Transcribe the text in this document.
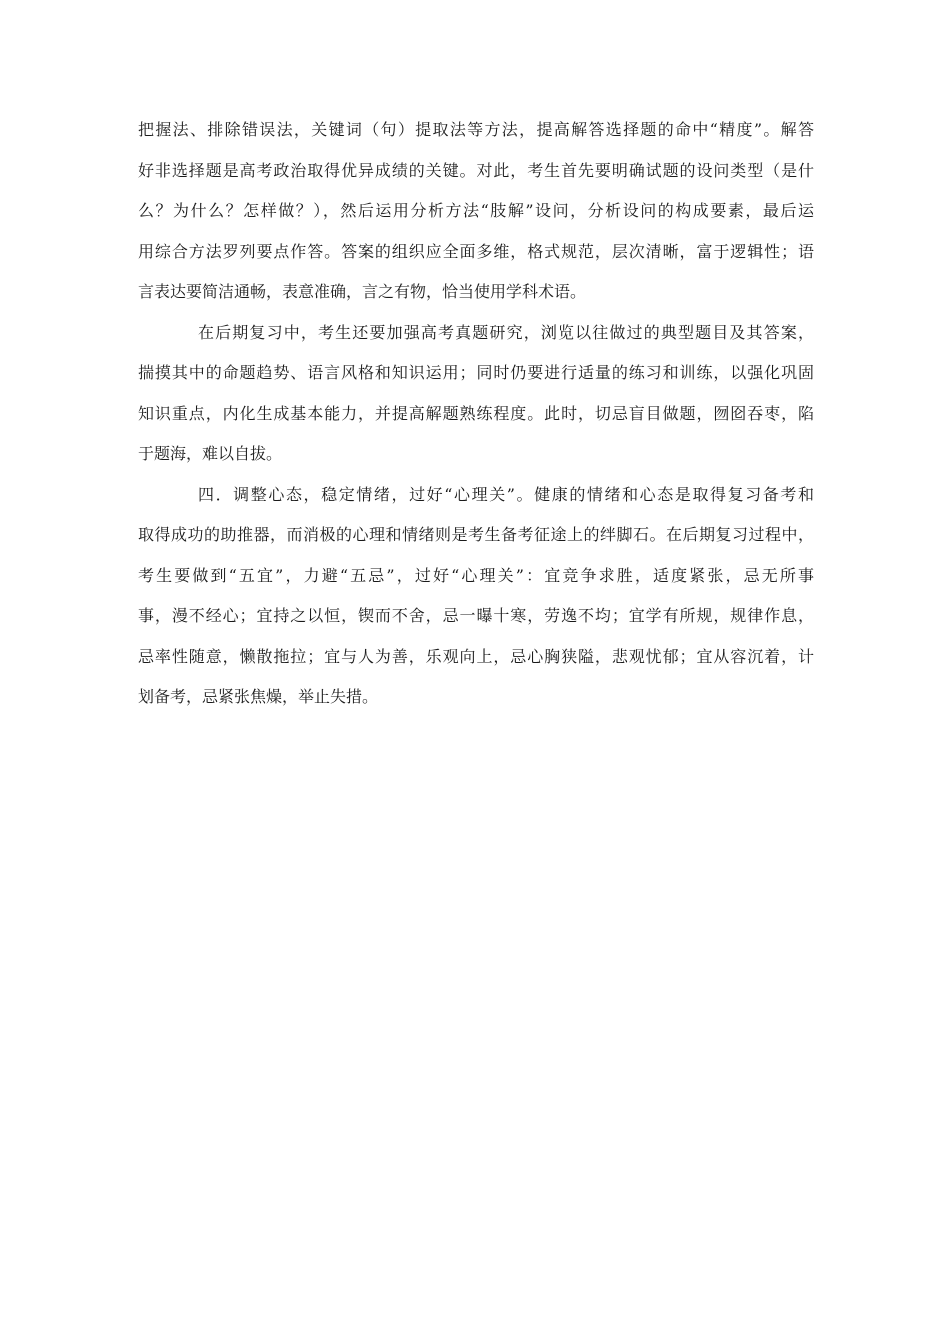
把握法、排除错误法，关键词（句）提取法等方法，提高解答选择题的命中“精度”。解答
好非选择题是高考政治取得优异成绩的关键。对此，考生首先要明确试题的设问类型（是什
么？为什么？怎样做？），然后运用分析方法“肢解”设问，分析设问的构成要素，最后运
用综合方法罗列要点作答。答案的组织应全面多维，格式规范，层次清晰，富于逻辑性；语
言表达要简洁通畅，表意准确，言之有物，恰当使用学科术语。
在后期复习中，考生还要加强高考真题研究，浏览以往做过的典型题目及其答案，
揣摸其中的命题趋势、语言风格和知识运用；同时仍要进行适量的练习和训练，以强化巩固
知识重点，内化生成基本能力，并提高解题熟练程度。此时，切忌盲目做题，囫囵吞枣，陷
于题海，难以自拔。
四．调整心态，稳定情绪，过好“心理关”。健康的情绪和心态是取得复习备考和
取得成功的助推器，而消极的心理和情绪则是考生备考征途上的绊脚石。在后期复习过程中，
考生要做到“五宜”，力避“五忌”，过好“心理关”：宜竞争求胜，适度紧张，忌无所事
事，漫不经心；宜持之以恒，锲而不舍，忌一曝十寒，劳逸不均；宜学有所规，规律作息，
忌率性随意，懒散拖拉；宜与人为善，乐观向上，忌心胸狭隘，悲观忧郁；宜从容沉着，计
划备考，忌紧张焦燥，举止失措。
